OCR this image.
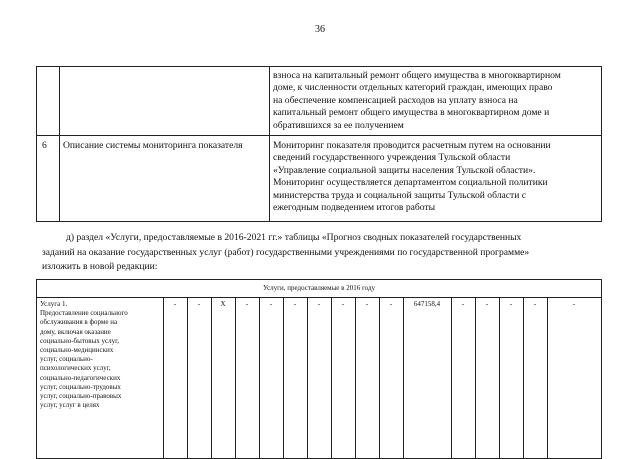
36
взноса на капитальный ремонт общего имущества в многоквартирном
доме, к численности отдельных категорий граждан, имеющих право
на обеспечение компенсацией расходов на уплату взноса на
капитальный ремонт общего имущества в многоквартирном доме и
обратившихся за ее получением
6 Описание системы мониторинга показателя	Мониторинг показателя проводится расчетным путем на основании
сведений государственного учреждения Тульской области
«Управление социальной защиты населения Тульской области».
Мониторинг осуществляется департаментом социальной политики
министерства труда и социальной защиты Тульской области с
ежегодным подведением итогов работы
д) раздел «Услуги, предоставляемые в 2016-2021 гг.» таблицы «Прогноз сводных показателей государственных
заданий на оказание государственных услуг (работ) государственными учреждениями по государственной программе»
изложить в новой редакции:
Услуги, предоставляемые в 2016 году
Услуга 1.
Предоставление социального
обслуживания в форме на
дому, включая оказание
социально-бытовых услуг,
социально-медицинских
услуг, социально-
психологических услуг,
социально-педагогических
услуг, социально-трудовых
услуг, социально-правовых
услуг, услуг в целях
-	-	X	-	-	-	-	-	-	-	647158,4	-	-	-	-	-
